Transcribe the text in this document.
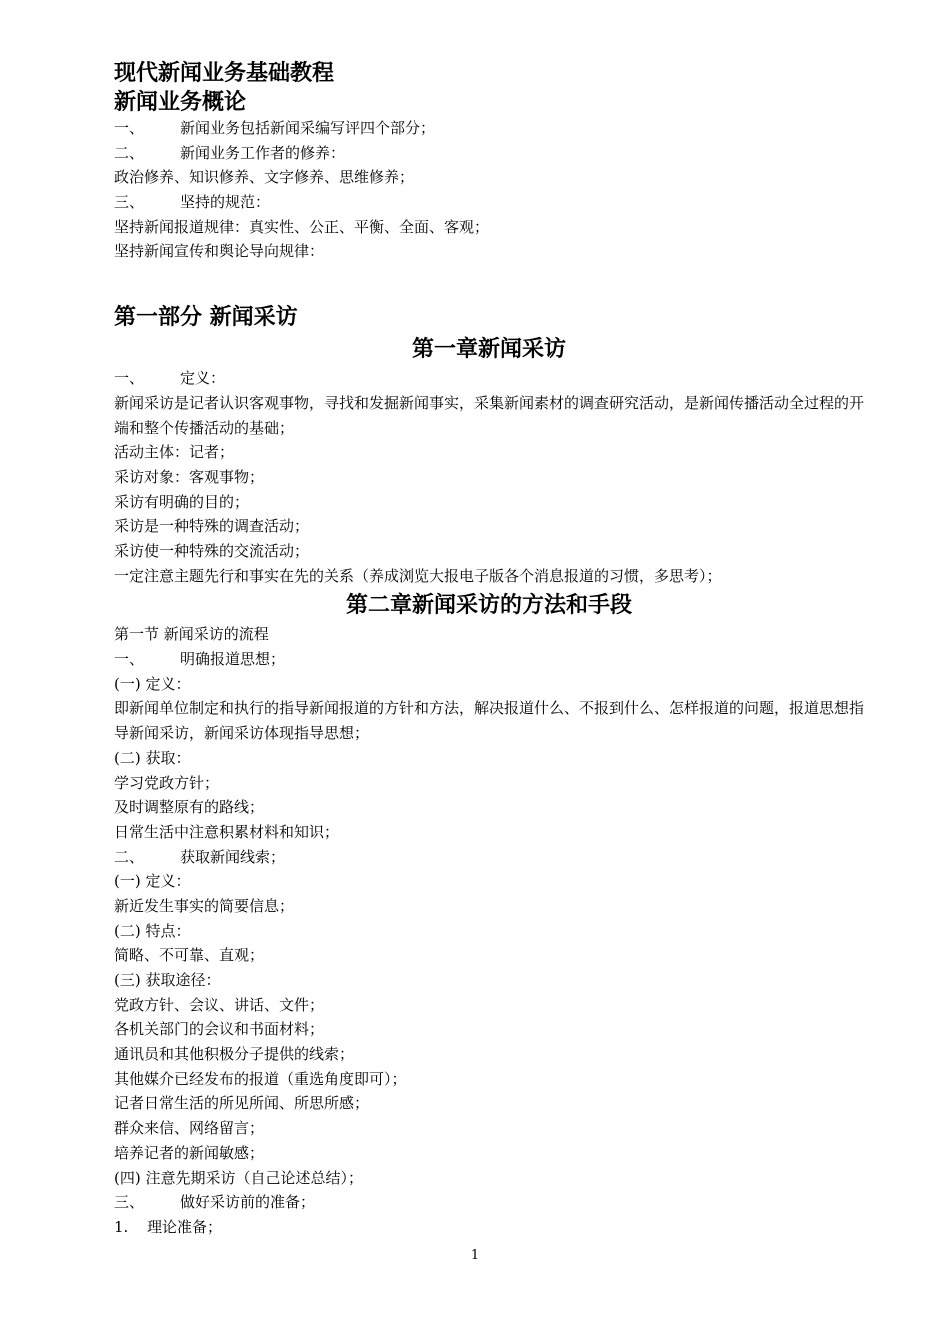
现代新闻业务基础教程
新闻业务概论
一、 新闻业务包括新闻采编写评四个部分；
二、 新闻业务工作者的修养：
政治修养、知识修养、文字修养、思维修养；
三、 坚持的规范：
坚持新闻报道规律：真实性、公正、平衡、全面、客观；
坚持新闻宣传和舆论导向规律：
第一部分 新闻采访
第一章新闻采访
一、 定义：
新闻采访是记者认识客观事物，寻找和发掘新闻事实，采集新闻素材的调查研究活动，是新闻传播活动全过程的开端和整个传播活动的基础；
活动主体：记者；
采访对象：客观事物；
采访有明确的目的；
采访是一种特殊的调查活动；
采访使一种特殊的交流活动；
一定注意主题先行和事实在先的关系（养成浏览大报电子版各个消息报道的习惯，多思考）；
第二章新闻采访的方法和手段
第一节 新闻采访的流程
一、 明确报道思想；
(一) 定义：
即新闻单位制定和执行的指导新闻报道的方针和方法，解决报道什么、不报到什么、怎样报道的问题，报道思想指导新闻采访，新闻采访体现指导思想；
(二) 获取：
学习党政方针；
及时调整原有的路线；
日常生活中注意积累材料和知识；
二、 获取新闻线索；
(一) 定义：
新近发生事实的简要信息；
(二) 特点：
简略、不可靠、直观；
(三) 获取途径：
党政方针、会议、讲话、文件；
各机关部门的会议和书面材料；
通讯员和其他积极分子提供的线索；
其他媒介已经发布的报道（重选角度即可）；
记者日常生活的所见所闻、所思所感；
群众来信、网络留言；
培养记者的新闻敏感；
(四) 注意先期采访（自己论述总结）；
三、 做好采访前的准备；
1. 理论准备；
1
